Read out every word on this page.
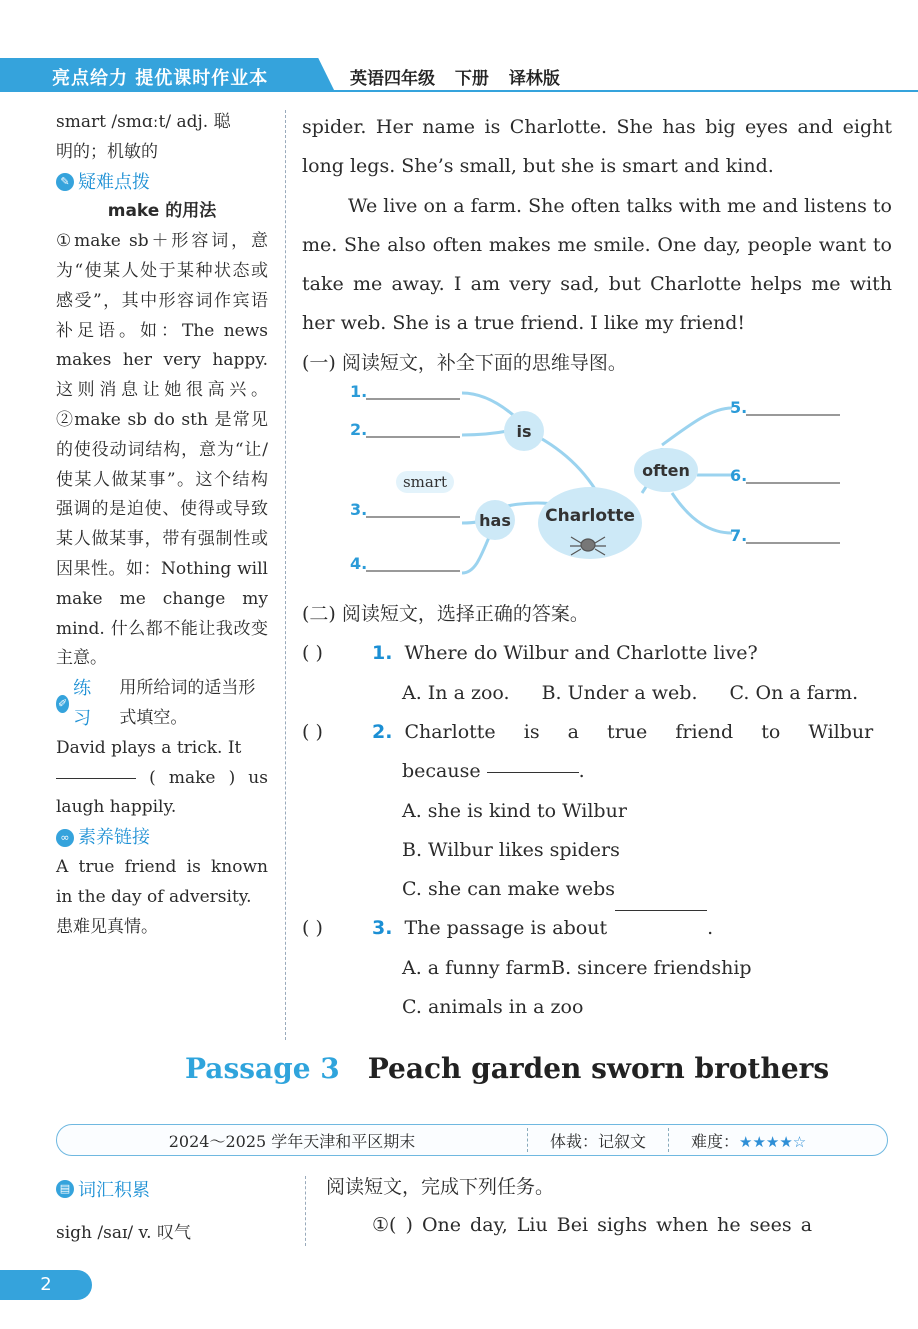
亮点给力 提优课时作业本	英语四年级 下册 译林版

smart /smɑːt/ adj. 聪

明的；机敏的

✎ 疑难点拨
make 的用法

①make sb＋形容词，意为“使某人处于某种状态或感受”，其中形容词作宾语补足语。如：The news makes her very happy. 这则消息让她很高兴。②make sb do sth 是常见的使役动词结构，意为“让/使某人做某事”。这个结构强调的是迫使、使得或导致某人做某事，带有强制性或因果性。如：Nothing will make me change my mind. 什么都不能让我改变主意。

✐
练习
用所给词的适当形式填空。

David plays a trick. It

( make ) us laugh happily.

∞ 素养链接

A true friend is known in the day of adversity.

患难见真情。

spider. Her name is Charlotte. She has big eyes and eight long legs. She’s small, but she is smart and kind.

We live on a farm. She often talks with me and listens to me. She also often makes me smile. One day, people want to take me away. I am very sad, but Charlotte helps me with her web. She is a true friend. I like my friend!

(一) 阅读短文，补全下面的思维导图。

Charlotte
is
has
often
smart
1.
2.
3.
4.
5.
6.
7.

(二) 阅读短文，选择正确的答案。

( )	1. Where do Wilbur and Charlotte live?
A. In a zoo. B. Under a web. C. On a farm.
( )	2. Charlotte  is  a  true  friend  to  Wilbur
because	.
A. she is kind to Wilbur
B. Wilbur likes spiders
C. she can make webs
( )	3. The passage is about	.
A. a funny farmB. sincere friendship
C. animals in a zoo
Passage 3 Peach garden sworn brothers
2024～2025 学年天津和平区期末	体裁：记叙文	难度：★★★★☆
▤ 词汇积累
sigh /saɪ/ v. 叹气
阅读短文，完成下列任务。
①( ) One day, Liu Bei sighs when he sees a
2
